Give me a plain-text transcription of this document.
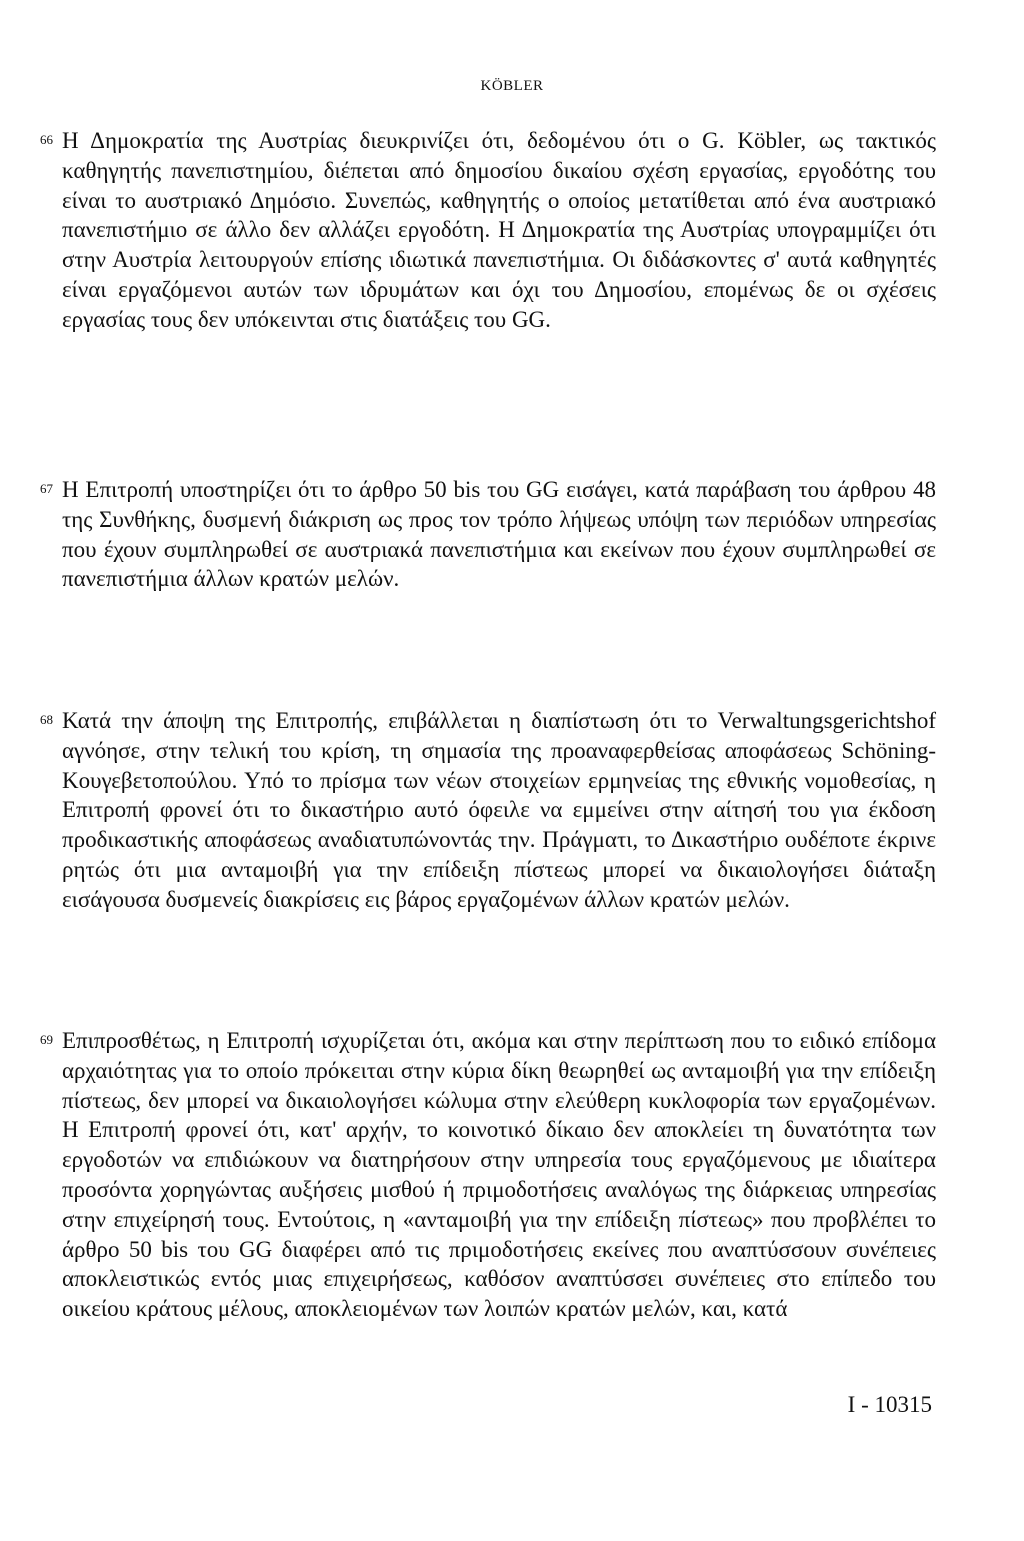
KÖBLER
66 Η Δημοκρατία της Αυστρίας διευκρινίζει ότι, δεδομένου ότι ο G. Köbler, ως τακτικός καθηγητής πανεπιστημίου, διέπεται από δημοσίου δικαίου σχέση εργασίας, εργοδότης του είναι το αυστριακό Δημόσιο. Συνεπώς, καθηγητής ο οποίος μετατίθεται από ένα αυστριακό πανεπιστήμιο σε άλλο δεν αλλάζει εργοδότη. Η Δημοκρατία της Αυστρίας υπογραμμίζει ότι στην Αυστρία λειτουργούν επίσης ιδιωτικά πανεπιστήμια. Οι διδάσκοντες σ' αυτά καθηγητές είναι εργαζόμενοι αυτών των ιδρυμάτων και όχι του Δημοσίου, επομένως δε οι σχέσεις εργασίας τους δεν υπόκεινται στις διατάξεις του GG.

67 Η Επιτροπή υποστηρίζει ότι το άρθρο 50 bis του GG εισάγει, κατά παράβαση του άρθρου 48 της Συνθήκης, δυσμενή διάκριση ως προς τον τρόπο λήψεως υπόψη των περιόδων υπηρεσίας που έχουν συμπληρωθεί σε αυστριακά πανεπιστήμια και εκείνων που έχουν συμπληρωθεί σε πανεπιστήμια άλλων κρατών μελών.

68 Κατά την άποψη της Επιτροπής, επιβάλλεται η διαπίστωση ότι το Verwaltungsgerichtshof αγνόησε, στην τελική του κρίση, τη σημασία της προαναφερθείσας αποφάσεως Schöning-Κουγεβετοπούλου. Υπό το πρίσμα των νέων στοιχείων ερμηνείας της εθνικής νομοθεσίας, η Επιτροπή φρονεί ότι το δικαστήριο αυτό όφειλε να εμμείνει στην αίτησή του για έκδοση προδικαστικής αποφάσεως αναδιατυπώνοντάς την. Πράγματι, το Δικαστήριο ουδέποτε έκρινε ρητώς ότι μια ανταμοιβή για την επίδειξη πίστεως μπορεί να δικαιολογήσει διάταξη εισάγουσα δυσμενείς διακρίσεις εις βάρος εργαζομένων άλλων κρατών μελών.

69 Επιπροσθέτως, η Επιτροπή ισχυρίζεται ότι, ακόμα και στην περίπτωση που το ειδικό επίδομα αρχαιότητας για το οποίο πρόκειται στην κύρια δίκη θεωρηθεί ως ανταμοιβή για την επίδειξη πίστεως, δεν μπορεί να δικαιολογήσει κώλυμα στην ελεύθερη κυκλοφορία των εργαζομένων. Η Επιτροπή φρονεί ότι, κατ' αρχήν, το κοινοτικό δίκαιο δεν αποκλείει τη δυνατότητα των εργοδοτών να επιδιώκουν να διατηρήσουν στην υπηρεσία τους εργαζόμενους με ιδιαίτερα προσόντα χορηγώντας αυξήσεις μισθού ή πριμοδοτήσεις αναλόγως της διάρκειας υπηρεσίας στην επιχείρησή τους. Εντούτοις, η «ανταμοιβή για την επίδειξη πίστεως» που προβλέπει το άρθρο 50 bis του GG διαφέρει από τις πριμοδοτήσεις εκείνες που αναπτύσσουν συνέπειες αποκλειστικώς εντός μιας επιχειρήσεως, καθόσον αναπτύσσει συνέπειες στο επίπεδο του οικείου κράτους μέλους, αποκλειομένων των λοιπών κρατών μελών, και, κατά

I - 10315
